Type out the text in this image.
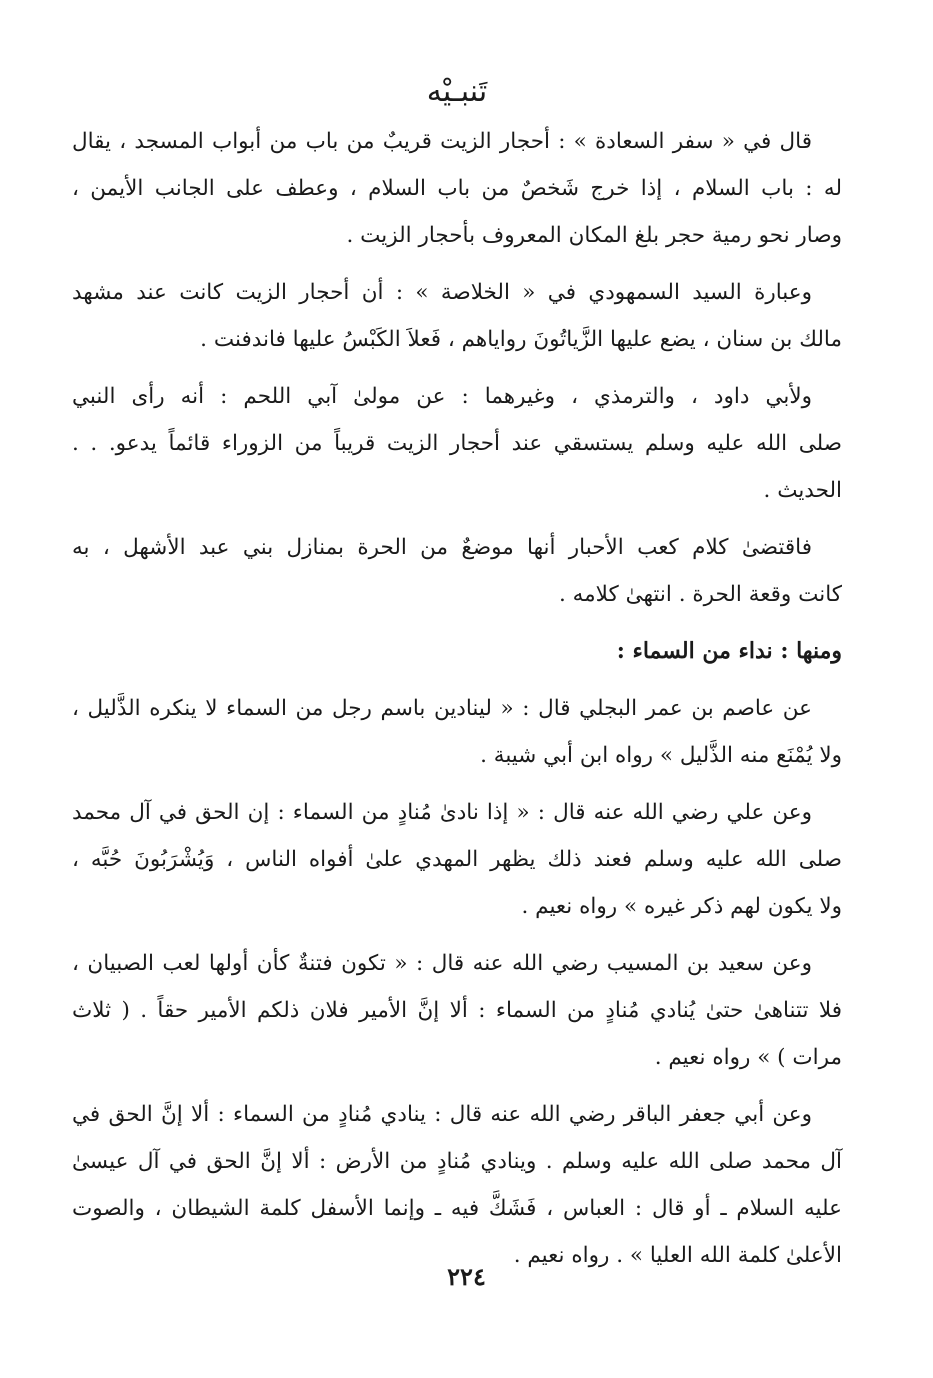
تَنبـيْه
قال في « سفر السعادة » : أحجار الزيت قريبٌ من باب من أبواب المسجد ، يقال
له : باب السلام ، إذا خرج شَخصٌ من باب السلام ، وعطف على الجانب الأيمن ،
وصار نحو رمية حجر بلغ المكان المعروف بأحجار الزيت .
وعبارة السيد السمهودي في « الخلاصة » : أن أحجار الزيت كانت عند مشهد
مالك بن سنان ، يضع عليها الزَّياتُونَ رواياهم ، فَعلاَ الكَبْسُ عليها فاندفنت .
ولأبي داود ، والترمذي ، وغيرهما : عن مولىٰ آبي اللحم : أنه رأى النبي
صلى الله عليه وسلم يستسقي عند أحجار الزيت قريباً من الزوراء قائماً يدعو. . .
الحديث .
فاقتضىٰ كلام كعب الأحبار أنها موضعٌ من الحرة بمنازل بني عبد الأشهل ، به
كانت وقعة الحرة . انتهىٰ كلامه .
ومنها : نداء من السماء :
عن عاصم بن عمر البجلي قال : « لينادين باسم رجل من السماء لا ينكره الذَّليل ،
ولا يُمْنَع منه الذَّليل » رواه ابن أبي شيبة .
وعن علي رضي الله عنه قال : « إذا نادىٰ مُنادٍ من السماء : إن الحق في آل محمد
صلى الله عليه وسلم فعند ذلك يظهر المهدي علىٰ أفواه الناس ، وَيُشْرَبُونَ حُبَّه ،
ولا يكون لهم ذكر غيره » رواه نعيم .
وعن سعيد بن المسيب رضي الله عنه قال : « تكون فتنةٌ كأن أولها لعب الصبيان ،
فلا تتناهىٰ حتىٰ يُنادي مُنادٍ من السماء : ألا إنَّ الأمير فلان ذلكم الأمير حقاً . ( ثلاث
مرات ) » رواه نعيم .
وعن أبي جعفر الباقر رضي الله عنه قال : ينادي مُنادٍ من السماء : ألا إنَّ الحق في
آل محمد صلى الله عليه وسلم . وينادي مُنادٍ من الأرض : ألا إنَّ الحق في آل عيسىٰ
عليه السلام ـ أو قال : العباس ، فَشَكَّ فيه ـ وإنما الأسفل كلمة الشيطان ، والصوت
الأعلىٰ كلمة الله العليا » . رواه نعيم .
٢٢٤
